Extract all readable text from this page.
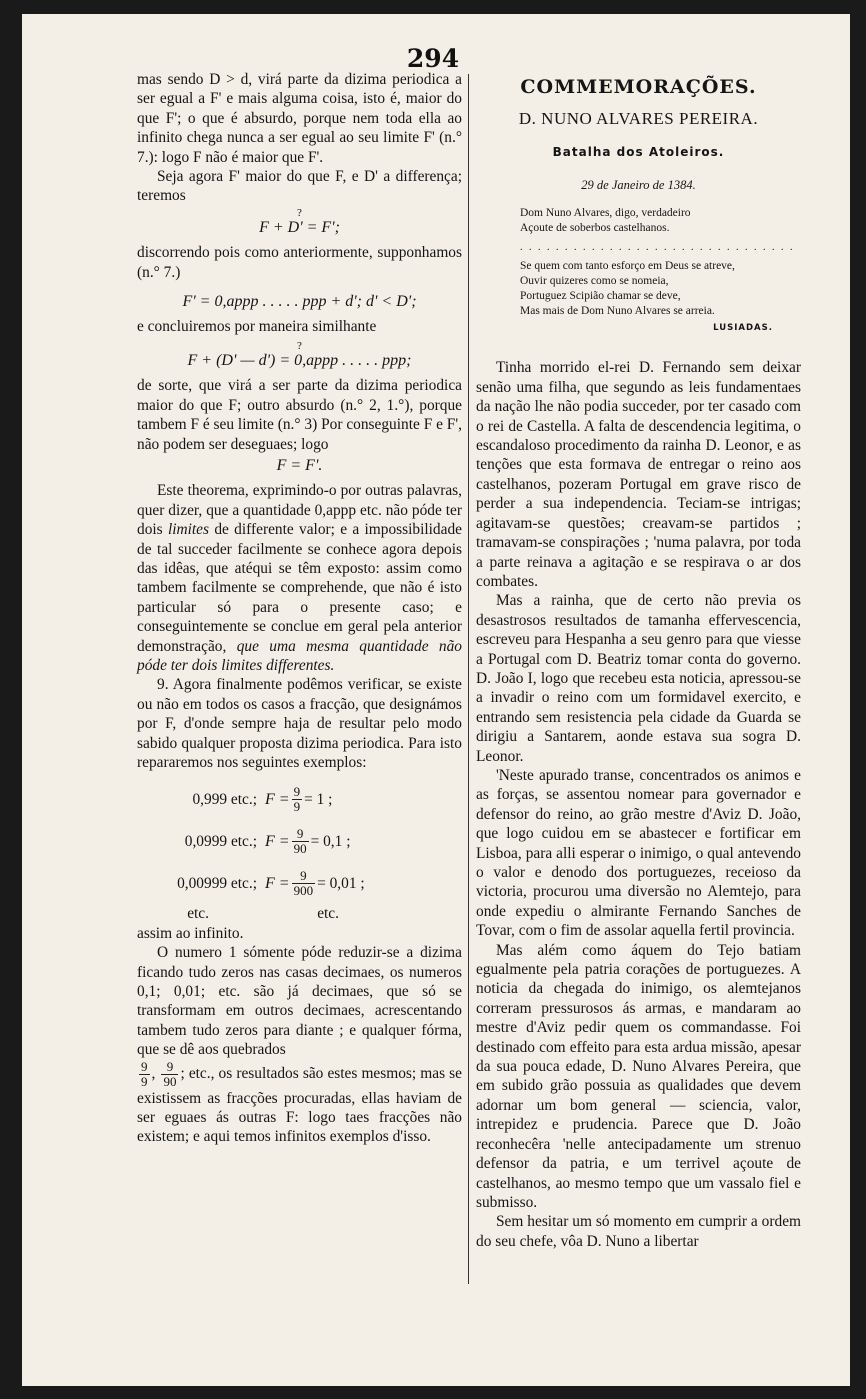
294

mas sendo D > d, virá parte da dizima periodica a ser egual a F' e mais alguma coisa, isto é, maior do que F'; o que é absurdo, porque nem toda ella ao infinito chega nunca a ser egual ao seu limite F' (n.° 7.): logo F não é maior que F'.

Seja agora F' maior do que F, e D' a differença; teremos

?
F + D' = F';

discorrendo pois como anteriormente, supponhamos (n.° 7.)

F' = 0,appp . . . . . ppp + d'; d' < D';

e concluiremos por maneira similhante

?
F + (D' — d') = 0,appp . . . . . ppp;

de sorte, que virá a ser parte da dizima periodica maior do que F; outro absurdo (n.° 2, 1.°), porque tambem F é seu limite (n.° 3) Por conseguinte F e F', não podem ser deseguaes; logo

F = F'.

Este theorema, exprimindo-o por outras palavras, quer dizer, que a quantidade 0,appp etc. não póde ter dois limites de differente valor; e a impossibilidade de tal succeder facilmente se conhece agora depois das idêas, que atéqui se têm exposto: assim como tambem facilmente se comprehende, que não é isto particular só para o presente caso; e conseguintemente se conclue em geral pela anterior demonstração, que uma mesma quantidade não póde ter dois limites differentes.

9. Agora finalmente podêmos verificar, se existe ou não em todos os casos a fracção, que designámos por F, d'onde sempre haja de resultar pelo modo sabido qualquer proposta dizima periodica. Para isto repararemos nos seguintes exemplos:

0,999 etc.; $F = \frac{9}{9} = 1$ ;
0,0999 etc.; $F = \frac{9}{90} = 0,1$ ;
0,00999 etc.; $F = \frac{9}{900} = 0,01$ ;
etc.	etc.

assim ao infinito.

O numero 1 sómente póde reduzir-se a dizima ficando tudo zeros nas casas decimaes, os numeros 0,1; 0,01; etc. são já decimaes, que só se transformam em outros decimaes, acrescentando tambem tudo zeros para diante ; e qualquer fórma, que se dê aos quebrados

$\frac{9}{9}$ , $\frac{9}{90}$ ; etc., os resultados são estes mesmos; mas se existissem as fracções procuradas, ellas haviam de ser eguaes ás outras F: logo taes fracções não existem; e aqui temos infinitos exemplos d'isso.

COMMEMORAÇÕES.
D. NUNO ALVARES PEREIRA.
Batalha dos Atoleiros.
29 de Janeiro de 1384.
Dom Nuno Alvares, digo, verdadeiro
Açoute de soberbos castelhanos.
. . . . . . . . . . . . . . . . . . . . . . . . . . . . . . .
Se quem com tanto esforço em Deus se atreve,
Ouvir quizeres como se nomeia,
Portuguez Scipião chamar se deve,
Mas mais de Dom Nuno Alvares se arreia.
LUSIADAS.

Tinha morrido el-rei D. Fernando sem deixar senão uma filha, que segundo as leis fundamentaes da nação lhe não podia succeder, por ter casado com o rei de Castella. A falta de descendencia legitima, o escandaloso procedimento da rainha D. Leonor, e as tenções que esta formava de entregar o reino aos castelhanos, pozeram Portugal em grave risco de perder a sua independencia. Teciam-se intrigas; agitavam-se questões; creavam-se partidos ; tramavam-se conspirações ; 'numa palavra, por toda a parte reinava a agitação e se respirava o ar dos combates.

Mas a rainha, que de certo não previa os desastrosos resultados de tamanha effervescencia, escreveu para Hespanha a seu genro para que viesse a Portugal com D. Beatriz tomar conta do governo. D. João I, logo que recebeu esta noticia, apressou-se a invadir o reino com um formidavel exercito, e entrando sem resistencia pela cidade da Guarda se dirigiu a Santarem, aonde estava sua sogra D. Leonor.

'Neste apurado transe, concentrados os animos e as forças, se assentou nomear para governador e defensor do reino, ao grão mestre d'Aviz D. João, que logo cuidou em se abastecer e fortificar em Lisboa, para alli esperar o inimigo, o qual antevendo o valor e denodo dos portuguezes, receioso da victoria, procurou uma diversão no Alemtejo, para onde expediu o almirante Fernando Sanches de Tovar, com o fim de assolar aquella fertil provincia.

Mas além como áquem do Tejo batiam egualmente pela patria corações de portuguezes. A noticia da chegada do inimigo, os alemtejanos correram pressurosos ás armas, e mandaram ao mestre d'Aviz pedir quem os commandasse. Foi destinado com effeito para esta ardua missão, apesar da sua pouca edade, D. Nuno Alvares Pereira, que em subido grão possuia as qualidades que devem adornar um bom general — sciencia, valor, intrepidez e prudencia. Parece que D. João reconhecêra 'nelle antecipadamente um strenuo defensor da patria, e um terrivel açoute de castelhanos, ao mesmo tempo que um vassalo fiel e submisso.

Sem hesitar um só momento em cumprir a ordem do seu chefe, vôa D. Nuno a libertar
